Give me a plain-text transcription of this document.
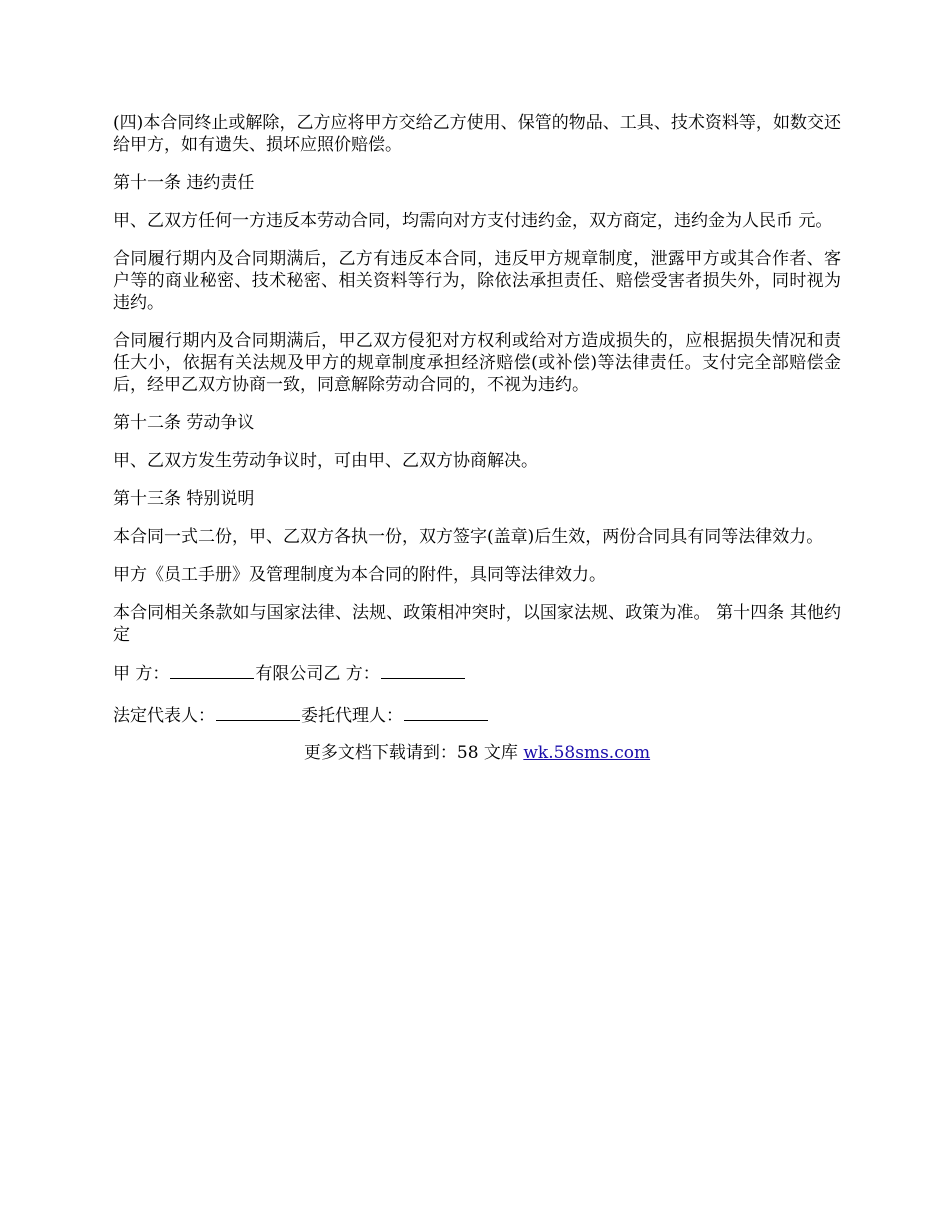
(四)本合同终止或解除，乙方应将甲方交给乙方使用、保管的物品、工具、技术资料等，如数交还给甲方，如有遗失、损坏应照价赔偿。

第十一条 违约责任

甲、乙双方任何一方违反本劳动合同，均需向对方支付违约金，双方商定，违约金为人民币 元。

合同履行期内及合同期满后，乙方有违反本合同，违反甲方规章制度，泄露甲方或其合作者、客户等的商业秘密、技术秘密、相关资料等行为，除依法承担责任、赔偿受害者损失外，同时视为违约。

合同履行期内及合同期满后，甲乙双方侵犯对方权利或给对方造成损失的，应根据损失情况和责任大小，依据有关法规及甲方的规章制度承担经济赔偿(或补偿)等法律责任。支付完全部赔偿金后，经甲乙双方协商一致，同意解除劳动合同的，不视为违约。

第十二条 劳动争议

甲、乙双方发生劳动争议时，可由甲、乙双方协商解决。

第十三条 特别说明

本合同一式二份，甲、乙双方各执一份，双方签字(盖章)后生效，两份合同具有同等法律效力。

甲方《员工手册》及管理制度为本合同的附件，具同等法律效力。

本合同相关条款如与国家法律、法规、政策相冲突时，以国家法规、政策为准。 第十四条 其他约定

甲 方：	有限公司乙 方：
法定代表人：	委托代理人：
更多文档下载请到：58 文库 wk.58sms.com
